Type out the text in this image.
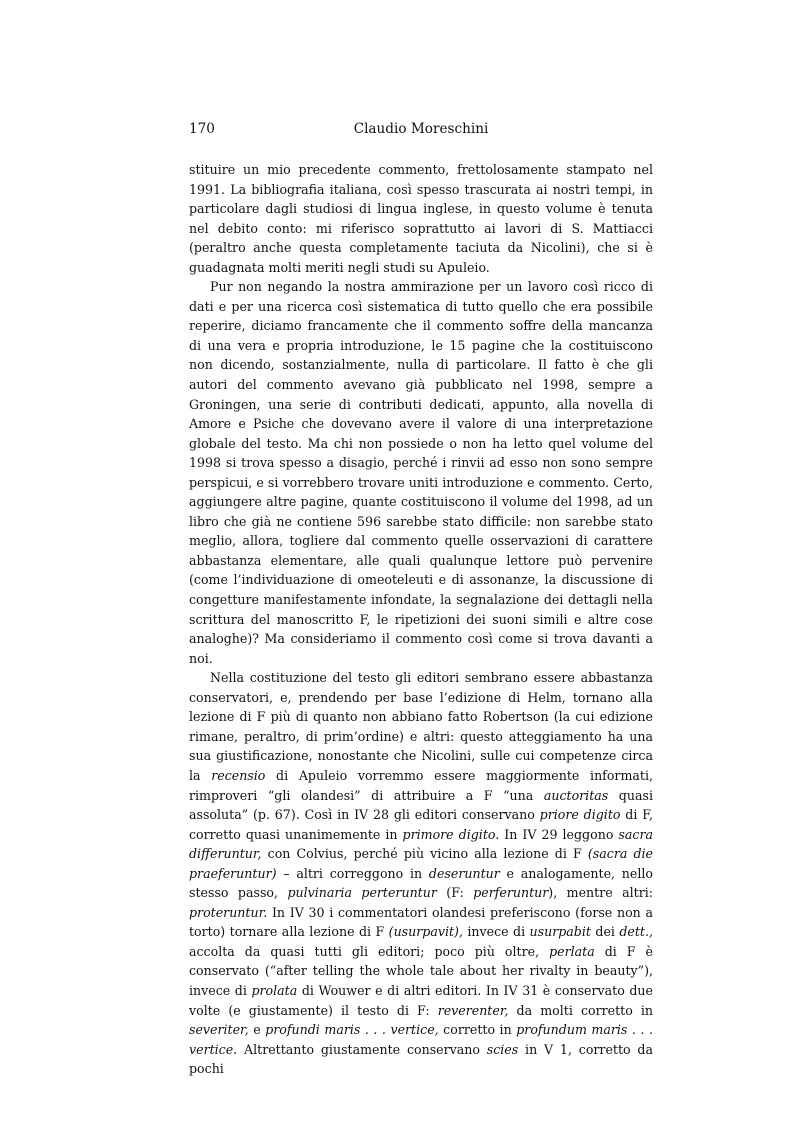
170	Claudio Moreschini

stituire un mio precedente commento, frettolosamente stampato nel 1991. La bibliografia italiana, così spesso trascurata ai nostri tempi, in particolare dagli studiosi di lingua inglese, in questo volume è tenuta nel debito conto: mi riferisco soprattutto ai lavori di S. Mattiacci (peraltro anche questa completamente taciuta da Nicolini), che si è guadagnata molti meriti negli studi su Apuleio.

Pur non negando la nostra ammirazione per un lavoro così ricco di dati e per una ricerca così sistematica di tutto quello che era possibile reperire, diciamo francamente che il commento soffre della mancanza di una vera e propria introduzione, le 15 pagine che la costituiscono non dicendo, sostanzialmente, nulla di particolare. Il fatto è che gli autori del commento avevano già pubblicato nel 1998, sempre a Groningen, una serie di contributi dedicati, appunto, alla novella di Amore e Psiche che dovevano avere il valore di una interpretazione globale del testo. Ma chi non possiede o non ha letto quel volume del 1998 si trova spesso a disagio, perché i rinvii ad esso non sono sempre perspicui, e si vorrebbero trovare uniti introduzione e commento. Certo, aggiungere altre pagine, quante costituiscono il volume del 1998, ad un libro che già ne contiene 596 sarebbe stato difficile: non sarebbe stato meglio, allora, togliere dal commento quelle osservazioni di carattere abbastanza elementare, alle quali qualunque lettore può pervenire (come l’individuazione di omeoteleuti e di assonanze, la discussione di congetture manifestamente infondate, la segnalazione dei dettagli nella scrittura del manoscritto F, le ripetizioni dei suoni simili e altre cose analoghe)? Ma consideriamo il commento così come si trova davanti a noi.

Nella costituzione del testo gli editori sembrano essere abbastanza conservatori, e, prendendo per base l’edizione di Helm, tornano alla lezione di F più di quanto non abbiano fatto Robertson (la cui edizione rimane, peraltro, di prim’ordine) e altri: questo atteggiamento ha una sua giustificazione, nonostante che Nicolini, sulle cui competenze circa la recensio di Apuleio vorremmo essere maggiormente informati, rimproveri “gli olandesi” di attribuire a F “una auctoritas quasi assoluta” (p. 67). Così in IV 28 gli editori conservano priore digito di F, corretto quasi unanimemente in primore digito. In IV 29 leggono sacra differuntur, con Colvius, perché più vicino alla lezione di F (sacra die praeferuntur) – altri correggono in deseruntur e analogamente, nello stesso passo, pulvinaria perteruntur (F: perferuntur), mentre altri: proteruntur. In IV 30 i commentatori olandesi preferiscono (forse non a torto) tornare alla lezione di F (usurpavit), invece di usurpabit dei dett., accolta da quasi tutti gli editori; poco più oltre, perlata di F è conservato (“after telling the whole tale about her rivalty in beauty”), invece di prolata di Wouwer e di altri editori. In IV 31 è conservato due volte (e giustamente) il testo di F: reverenter, da molti corretto in severiter, e profundi maris . . . vertice, corretto in profundum maris . . . vertice. Altrettanto giustamente conservano scies in V 1, corretto da pochi
